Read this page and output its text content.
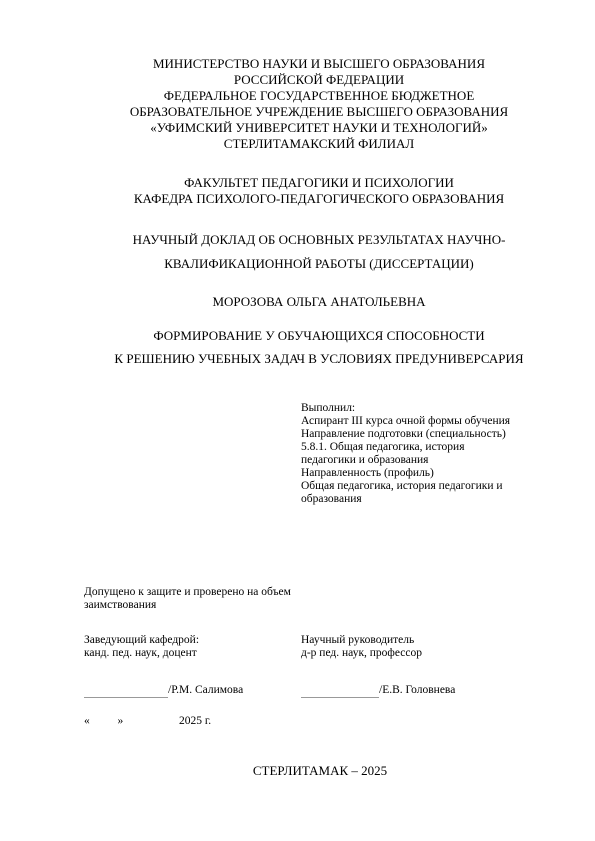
МИНИСТЕРСТВО НАУКИ И ВЫСШЕГО ОБРАЗОВАНИЯ
РОССИЙСКОЙ ФЕДЕРАЦИИ
ФЕДЕРАЛЬНОЕ ГОСУДАРСТВЕННОЕ БЮДЖЕТНОЕ
ОБРАЗОВАТЕЛЬНОЕ УЧРЕЖДЕНИЕ ВЫСШЕГО ОБРАЗОВАНИЯ
«УФИМСКИЙ УНИВЕРСИТЕТ НАУКИ И ТЕХНОЛОГИЙ»
СТЕРЛИТАМАКСКИЙ ФИЛИАЛ
ФАКУЛЬТЕТ ПЕДАГОГИКИ И ПСИХОЛОГИИ
КАФЕДРА ПСИХОЛОГО-ПЕДАГОГИЧЕСКОГО ОБРАЗОВАНИЯ
НАУЧНЫЙ ДОКЛАД ОБ ОСНОВНЫХ РЕЗУЛЬТАТАХ НАУЧНО-
КВАЛИФИКАЦИОННОЙ РАБОТЫ (ДИССЕРТАЦИИ)
МОРОЗОВА ОЛЬГА АНАТОЛЬЕВНА
ФОРМИРОВАНИЕ У ОБУЧАЮЩИХСЯ СПОСОБНОСТИ
К РЕШЕНИЮ УЧЕБНЫХ ЗАДАЧ В УСЛОВИЯХ ПРЕДУНИВЕРСАРИЯ
Выполнил:
Аспирант III курса очной формы обучения
Направление подготовки (специальность)
5.8.1. Общая педагогика, история
педагогики и образования
Направленность (профиль)
Общая педагогика, история педагогики и
образования
Допущено к защите и проверено на объем
заимствования
Заведующий кафедрой:
канд. пед. наук, доцент
Научный руководитель
д-р пед. наук, профессор
/Р.М. Салимова	/Е.В. Головнева
« »	2025 г.
СТЕРЛИТАМАК – 2025
